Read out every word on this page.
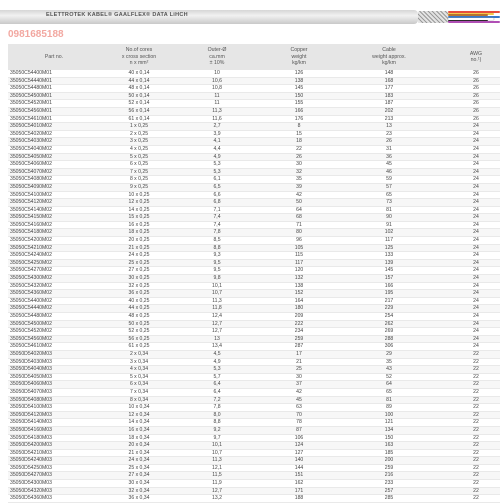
ELETTROTEK KABEL® GAALFLEX® DATA LiHCH
0981685188
Part no.	No.of cores
x cross section
n x mm²	Outer-Ø
ca.mm
± 10%	Copper
weight
kg/km	Cable
weight approx.
kg/km	AWG
no.¹)
35050C54400M01	40 x 0,14	10	126	148	26
35050C54440M01	44 x 0,14	10,6	138	168	26
35050C54480M01	48 x 0,14	10,8	145	177	26
35050C54500M01	50 x 0,14	11	150	183	26
35050C54520M01	52 x 0,14	11	155	187	26
35050C54560M01	56 x 0,14	11,3	166	202	26
35050C54610M01	61 x 0,14	11,6	176	213	26
35050C54010M02	1 x 0,25	2,7	8	13	24
35050C54020M02	2 x 0,25	3,9	15	23	24
35050C54030M02	3 x 0,25	4,1	18	26	24
35050C54040M02	4 x 0,25	4,4	22	31	24
35050C54050M02	5 x 0,25	4,9	26	36	24
35050C54060M02	6 x 0,25	5,3	30	45	24
35050C54070M02	7 x 0,25	5,3	32	46	24
35050C54080M02	8 x 0,25	6,1	35	59	24
35050C54090M02	9 x 0,25	6,5	39	57	24
35050C54100M02	10 x 0,25	6,6	42	65	24
35050C54120M02	12 x 0,25	6,8	50	73	24
35050C54140M02	14 x 0,25	7,1	64	81	24
35050C54150M02	15 x 0,25	7,4	68	90	24
35050C54160M02	16 x 0,25	7,4	71	91	24
35050C54180M02	18 x 0,25	7,8	80	102	24
35050C54200M02	20 x 0,25	8,5	96	117	24
35050C54210M02	21 x 0,25	8,8	105	125	24
35050C54240M02	24 x 0,25	9,3	115	133	24
35050C54250M02	25 x 0,25	9,5	117	139	24
35050C54270M02	27 x 0,25	9,5	120	145	24
35050C54300M02	30 x 0,25	9,8	132	157	24
35050C54320M02	32 x 0,25	10,1	138	166	24
35050C54360M02	36 x 0,25	10,7	152	195	24
35050C54400M02	40 x 0,25	11,3	164	217	24
35050C54440M02	44 x 0,25	11,8	180	229	24
35050C54480M02	48 x 0,25	12,4	209	254	24
35050C54500M02	50 x 0,25	12,7	222	262	24
35050C54520M02	52 x 0,25	12,7	234	269	24
35050C54560M02	56 x 0,25	13	259	288	24
35050C54610M02	61 x 0,25	13,4	287	306	24
35050D54020M03	2 x 0,34	4,5	17	29	22
35050D54030M03	3 x 0,34	4,9	21	35	22
35050D54040M03	4 x 0,34	5,3	25	43	22
35050D54050M03	5 x 0,34	5,7	30	52	22
35050D54060M03	6 x 0,34	6,4	37	64	22
35050D54070M03	7 x 0,34	6,4	42	65	22
35050D54080M03	8 x 0,34	7,2	45	81	22
35050D54100M03	10 x 0,34	7,8	63	89	22
35050D54120M03	12 x 0,34	8,0	70	100	22
35050D54140M03	14 x 0,34	8,8	78	121	22
35050D54160M03	16 x 0,34	9,2	87	134	22
35050D54180M03	18 x 0,34	9,7	106	150	22
35050D54200M03	20 x 0,34	10,1	124	163	22
35050D54210M03	21 x 0,34	10,7	127	185	22
35050D54240M03	24 x 0,34	11,3	140	200	22
35050D54250M03	25 x 0,34	12,1	144	259	22
35050D54270M03	27 x 0,34	11,5	151	216	22
35050D54300M03	30 x 0,34	11,9	162	233	22
35050D54320M03	32 x 0,34	12,7	171	257	22
35050D54360M03	36 x 0,34	13,2	188	285	22
